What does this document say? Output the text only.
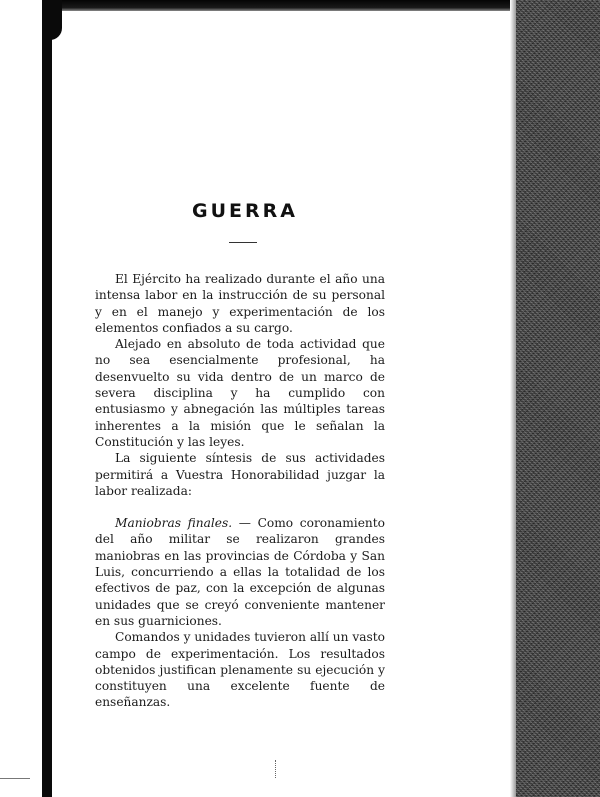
GUERRA

El Ejército ha realizado durante el año una intensa labor en la instrucción de su personal y en el manejo y experimentación de los elementos confiados a su cargo.

Alejado en absoluto de toda actividad que no sea esencialmente profesional, ha desenvuelto su vida dentro de un marco de severa disciplina y ha cumplido con entusiasmo y abnegación las múltiples tareas inherentes a la misión que le señalan la Constitución y las leyes.

La siguiente síntesis de sus actividades permitirá a Vuestra Honorabilidad juzgar la labor realizada:

Maniobras finales. — Como coronamiento del año militar se realizaron grandes maniobras en las provincias de Córdoba y San Luis, concurriendo a ellas la totalidad de los efectivos de paz, con la excepción de algunas unidades que se creyó conveniente mantener en sus guarniciones.

Comandos y unidades tuvieron allí un vasto campo de experimentación. Los resultados obtenidos justifican plenamente su ejecución y constituyen una excelente fuente de enseñanzas.
